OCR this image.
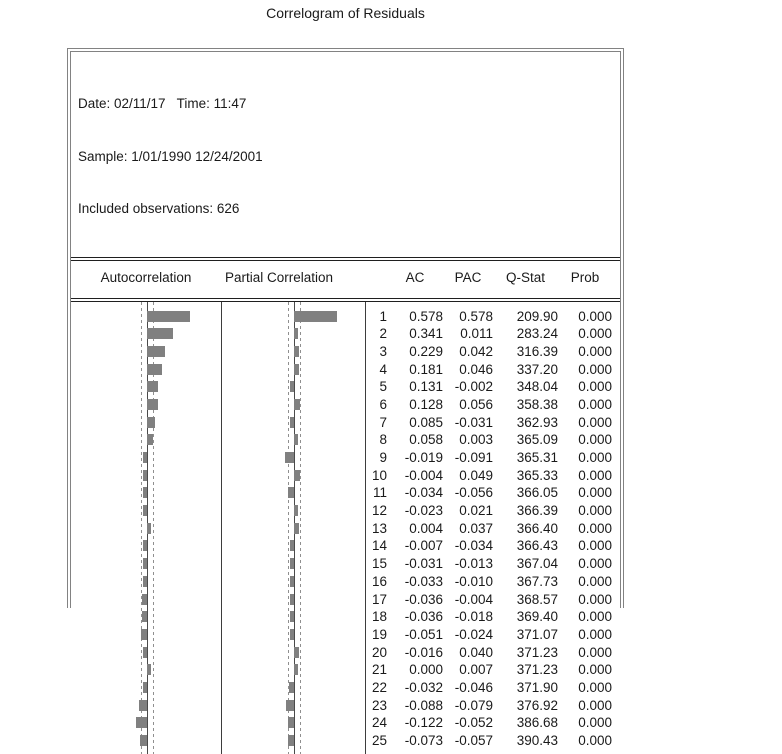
Correlogram of Residuals

Date: 02/11/17   Time: 11:47

Sample: 1/01/1990 12/24/2001

Included observations: 626

Autocorrelation	Partial Correlation	AC	PAC	Q-Stat	Prob
1	0.578	0.578	209.90	0.000
2	0.341	0.011	283.24	0.000
3	0.229	0.042	316.39	0.000
4	0.181	0.046	337.20	0.000
5	0.131 -0.002	348.04	0.000
6	0.128	0.056	358.38	0.000
7	0.085 -0.031	362.93	0.000
8	0.058	0.003	365.09	0.000
9	-0.019 -0.091	365.31	0.000
10	-0.004	0.049	365.33	0.000
11	-0.034 -0.056	366.05	0.000
12	-0.023	0.021	366.39	0.000
13	0.004	0.037	366.40	0.000
14	-0.007 -0.034	366.43	0.000
15	-0.031 -0.013	367.04	0.000
16	-0.033 -0.010	367.73	0.000
17	-0.036 -0.004	368.57	0.000
18	-0.036 -0.018	369.40	0.000
19	-0.051 -0.024	371.07	0.000
20	-0.016	0.040	371.23	0.000
21	0.000	0.007	371.23	0.000
22	-0.032 -0.046	371.90	0.000
23	-0.088 -0.079	376.92	0.000
24	-0.122 -0.052	386.68	0.000
25	-0.073 -0.057	390.43	0.000
